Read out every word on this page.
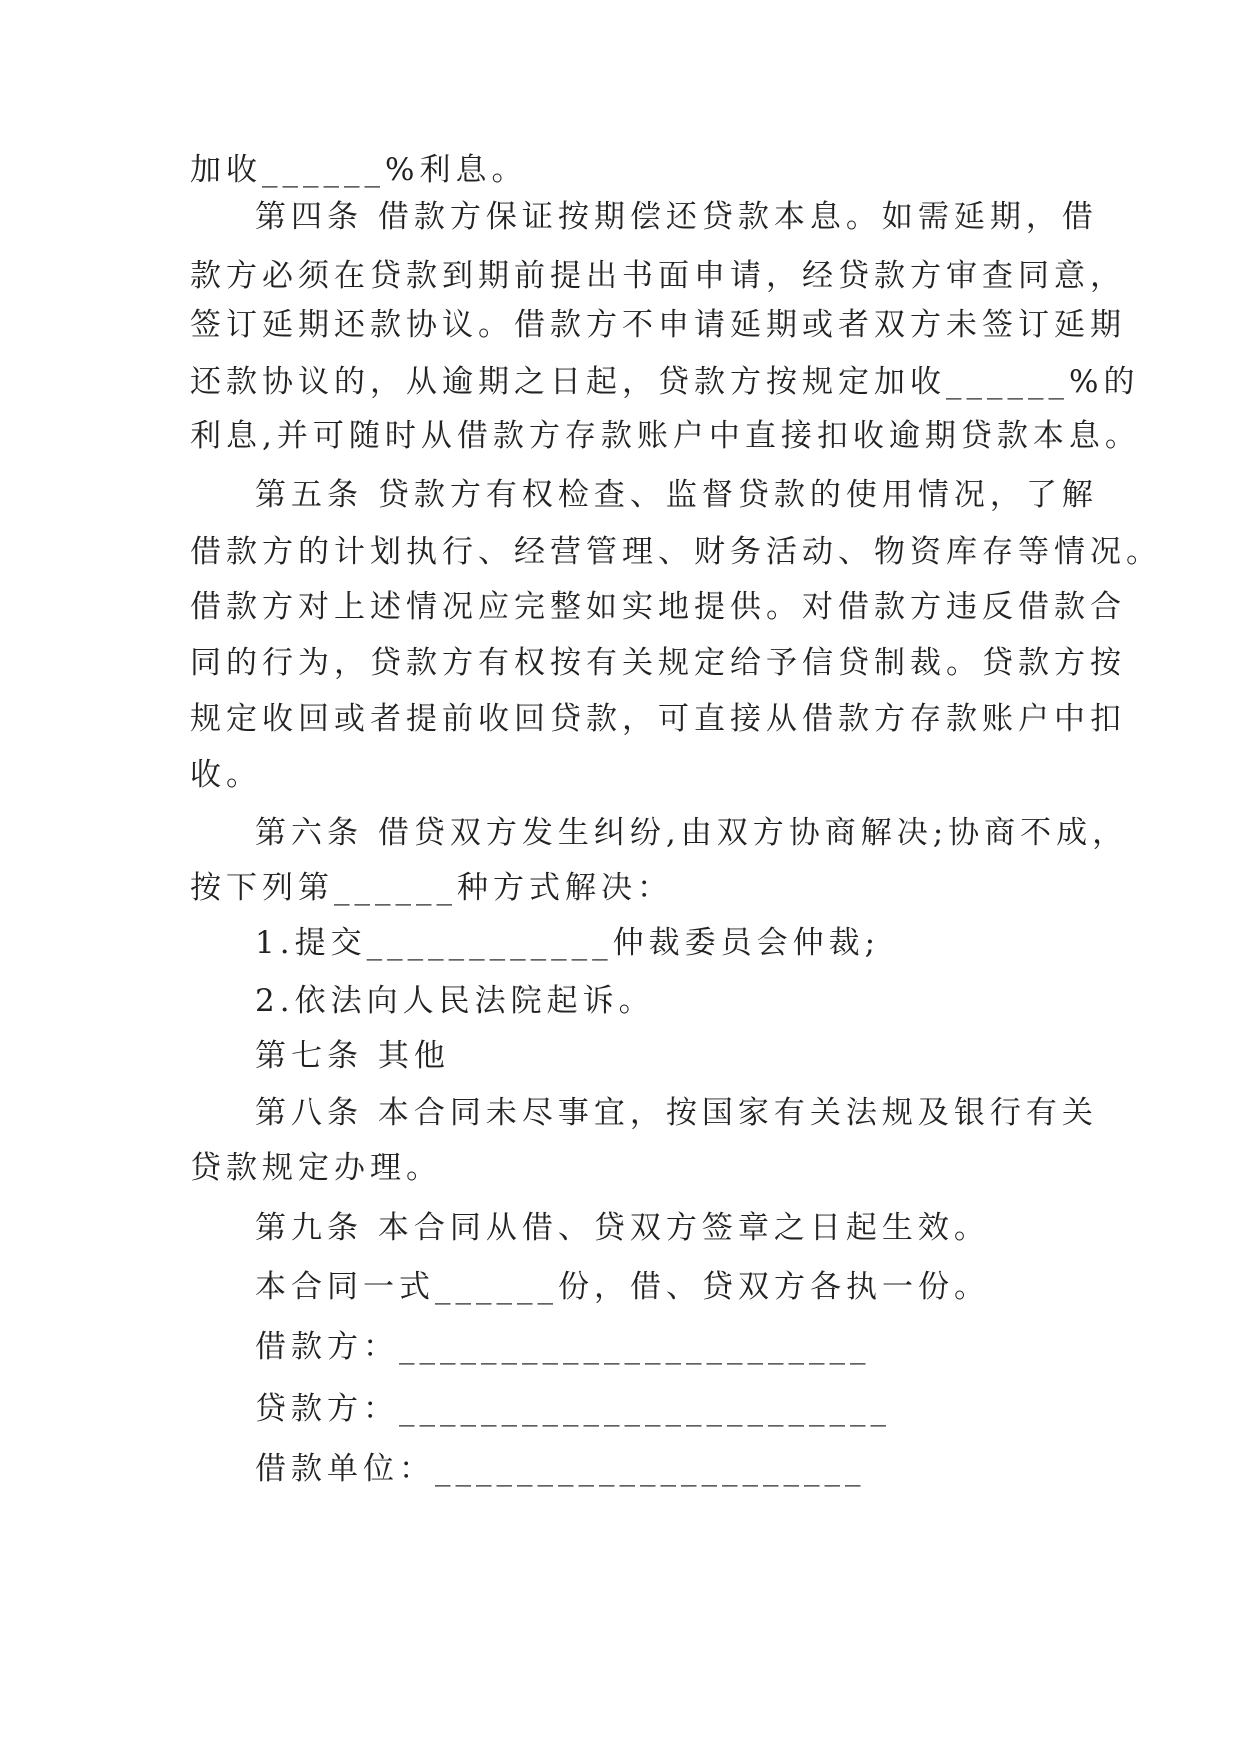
加收______%利息。
第四条 借款方保证按期偿还贷款本息。如需延期，借
款方必须在贷款到期前提出书面申请，经贷款方审查同意，
签订延期还款协议。借款方不申请延期或者双方未签订延期
还款协议的，从逾期之日起，贷款方按规定加收______%的
利息,并可随时从借款方存款账户中直接扣收逾期贷款本息。
第五条 贷款方有权检查、监督贷款的使用情况，了解
借款方的计划执行、经营管理、财务活动、物资库存等情况。
借款方对上述情况应完整如实地提供。对借款方违反借款合
同的行为，贷款方有权按有关规定给予信贷制裁。贷款方按
规定收回或者提前收回贷款，可直接从借款方存款账户中扣
收。
第六条 借贷双方发生纠纷,由双方协商解决;协商不成，
按下列第______种方式解决：
1.提交____________仲裁委员会仲裁;
2.依法向人民法院起诉。
第七条 其他
第八条 本合同未尽事宜，按国家有关法规及银行有关
贷款规定办理。
第九条 本合同从借、贷双方签章之日起生效。
本合同一式______份，借、贷双方各执一份。
借款方：_______________________
贷款方：________________________
借款单位：_____________________
